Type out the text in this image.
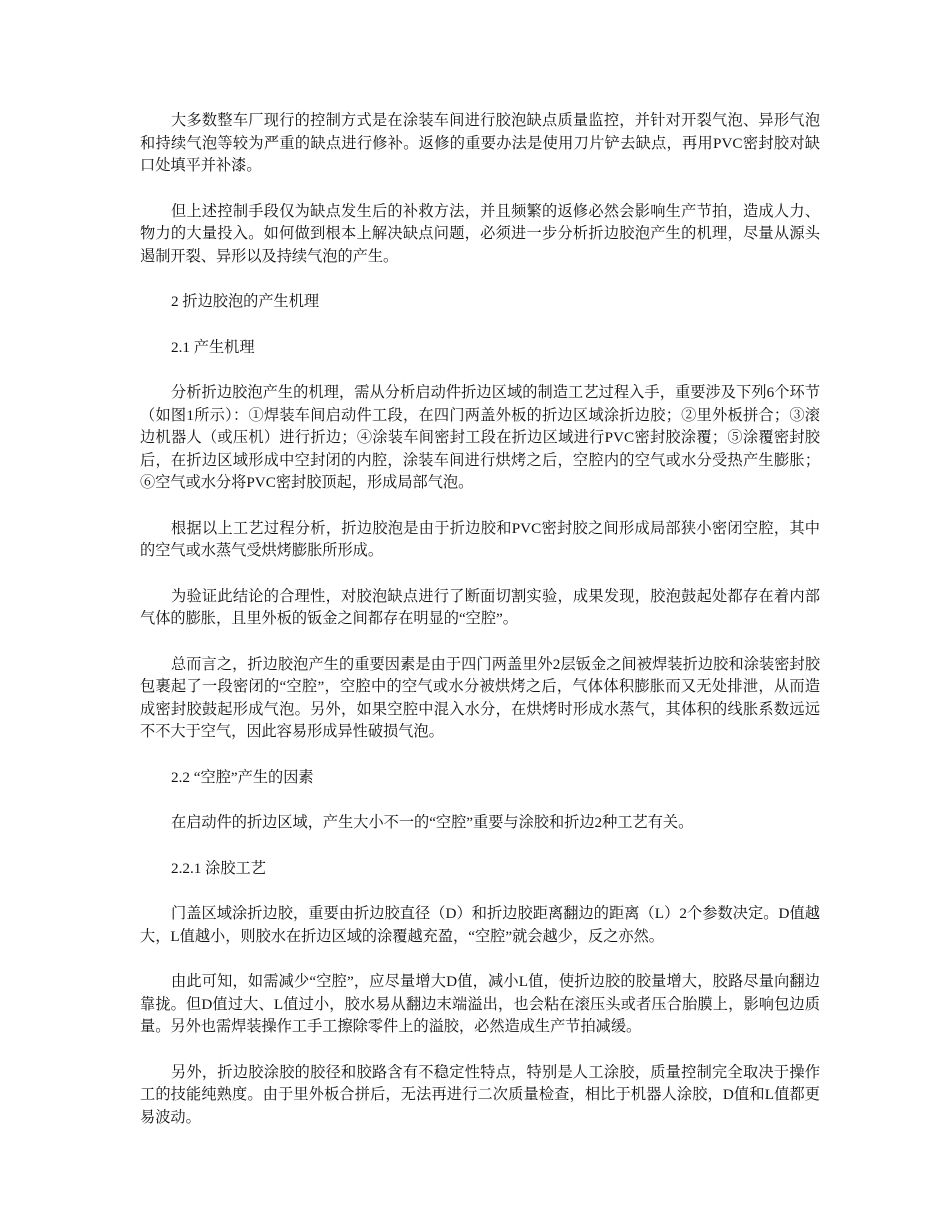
大多数整车厂现行的控制方式是在涂装车间进行胶泡缺点质量监控，并针对开裂气泡、异形气泡和持续气泡等较为严重的缺点进行修补。返修的重要办法是使用刀片铲去缺点，再用PVC密封胶对缺口处填平并补漆。

但上述控制手段仅为缺点发生后的补救方法，并且频繁的返修必然会影响生产节拍，造成人力、物力的大量投入。如何做到根本上解决缺点问题，必须进一步分析折边胶泡产生的机理，尽量从源头遏制开裂、异形以及持续气泡的产生。

2 折边胶泡的产生机理

2.1 产生机理

分析折边胶泡产生的机理，需从分析启动件折边区域的制造工艺过程入手，重要涉及下列6个环节（如图1所示）：①焊装车间启动件工段，在四门两盖外板的折边区域涂折边胶；②里外板拼合；③滚边机器人（或压机）进行折边；④涂装车间密封工段在折边区域进行PVC密封胶涂覆；⑤涂覆密封胶后，在折边区域形成中空封闭的内腔，涂装车间进行烘烤之后，空腔内的空气或水分受热产生膨胀；⑥空气或水分将PVC密封胶顶起，形成局部气泡。

根据以上工艺过程分析，折边胶泡是由于折边胶和PVC密封胶之间形成局部狭小密闭空腔，其中的空气或水蒸气受烘烤膨胀所形成。

为验证此结论的合理性，对胶泡缺点进行了断面切割实验，成果发现，胶泡鼓起处都存在着内部气体的膨胀，且里外板的钣金之间都存在明显的“空腔”。

总而言之，折边胶泡产生的重要因素是由于四门两盖里外2层钣金之间被焊装折边胶和涂装密封胶包裹起了一段密闭的“空腔”，空腔中的空气或水分被烘烤之后，气体体积膨胀而又无处排泄，从而造成密封胶鼓起形成气泡。另外，如果空腔中混入水分，在烘烤时形成水蒸气，其体积的线胀系数远远不不大于空气，因此容易形成异性破损气泡。

2.2 “空腔”产生的因素

在启动件的折边区域，产生大小不一的“空腔”重要与涂胶和折边2种工艺有关。

2.2.1 涂胶工艺

门盖区域涂折边胶，重要由折边胶直径（D）和折边胶距离翻边的距离（L）2个参数决定。D值越大，L值越小，则胶水在折边区域的涂覆越充盈，“空腔”就会越少，反之亦然。

由此可知，如需减少“空腔”，应尽量增大D值，减小L值，使折边胶的胶量增大，胶路尽量向翻边靠拢。但D值过大、L值过小，胶水易从翻边末端溢出，也会粘在滚压头或者压合胎膜上，影响包边质量。另外也需焊装操作工手工擦除零件上的溢胶，必然造成生产节拍减缓。

另外，折边胶涂胶的胶径和胶路含有不稳定性特点，特别是人工涂胶，质量控制完全取决于操作工的技能纯熟度。由于里外板合拼后，无法再进行二次质量检查，相比于机器人涂胶，D值和L值都更易波动。
